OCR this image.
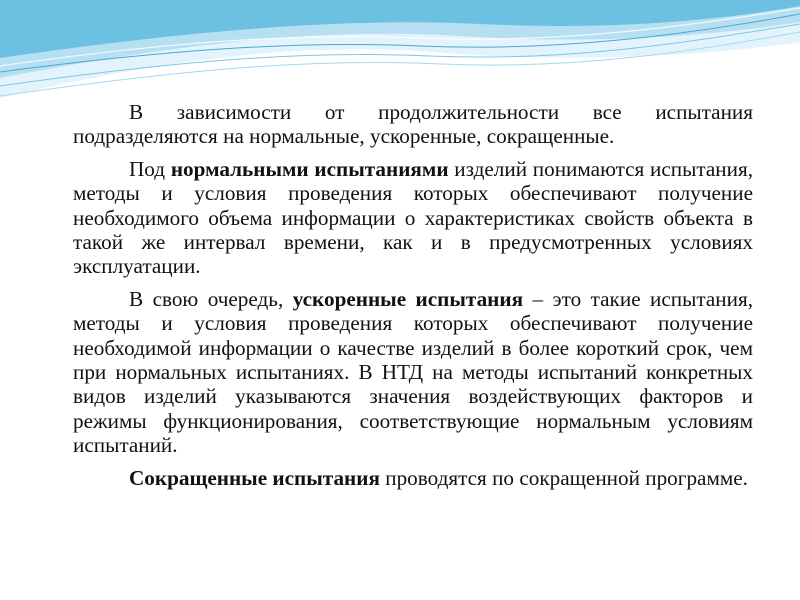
В зависимости от продолжительности все испытания подразделяются на нормальные, ускоренные, сокращенные.

Под нормальными испытаниями изделий понимаются испытания, методы и условия проведения которых обеспечивают получение необходимого объема информации о характеристиках свойств объекта в такой же интервал времени, как и в предусмотренных условиях эксплуатации.

В свою очередь, ускоренные испытания – это такие испытания, методы и условия проведения которых обеспечивают получение необходимой информации о качестве изделий в более короткий срок, чем при нормальных испытаниях. В НТД на методы испытаний конкретных видов изделий указываются значения воздействующих факторов и режимы функционирования, соответствующие нормальным условиям испытаний.

Сокращенные испытания проводятся по сокращенной программе.
